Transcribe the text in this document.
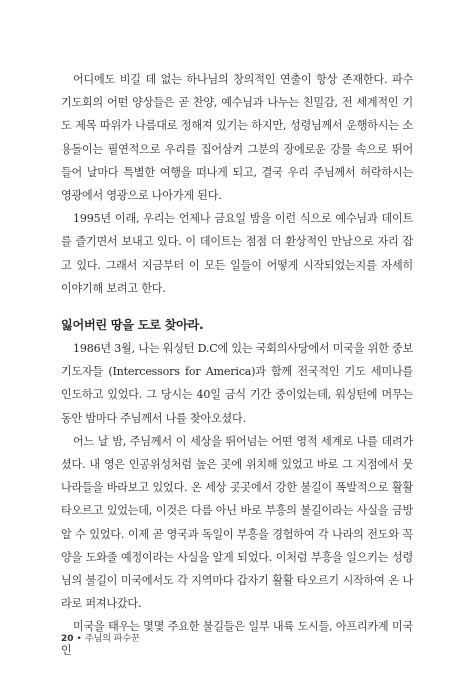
어디에도 비길 데 없는 하나님의 창의적인 연출이 항상 존재한다. 파수 기도회의 어떤 양상들은 곧 찬양, 예수님과 나누는 친밀감, 전 세계적인 기도 제목 따위가 나름대로 정해져 있기는 하지만, 성령님께서 운행하시는 소용돌이는 필연적으로 우리를 집어삼켜 그분의 장에로운 강물 속으로 뛰어들어 날마다 특별한 여행을 떠나게 되고, 결국 우리 주님께서 허락하시는 영광에서 영광으로 나아가게 된다.

1995년 이래, 우리는 언제나 금요일 밤을 이런 식으로 예수님과 데이트를 즐기면서 보내고 있다. 이 데이트는 점점 더 환상적인 만남으로 자리 잡고 있다. 그래서 지금부터 이 모든 일들이 어떻게 시작되었는지를 자세히 이야기해 보려고 한다.

잃어버린 땅을 도로 찾아라.

1986년 3월, 나는 워싱턴 D.C에 있는 국회의사당에서 미국을 위한 중보 기도자들 (Intercessors for America)과 함께 전국적인 기도 세미나를 인도하고 있었다. 그 당시는 40일 금식 기간 중이었는데, 워싱턴에 머무는 동안 밤마다 주님께서 나를 찾아오셨다.

어느 날 밤, 주님께서 이 세상을 뛰어넘는 어떤 영적 세계로 나를 데려가셨다. 내 영은 인공위성처럼 높은 곳에 위치해 있었고 바로 그 지점에서 뭇 나라들을 바라보고 있었다. 온 세상 곳곳에서 강한 불길이 폭발적으로 활활 타오르고 있었는데, 이것은 다름 아닌 바로 부흥의 불길이라는 사실을 금방 알 수 있었다. 이제 곧 영국과 독일이 부흥을 경험하여 각 나라의 전도와 꼭양을 도와줄 예정이라는 사실을 알게 되었다. 이처럼 부흥을 일으키는 성령님의 불길이 미국에서도 각 지역마다 갑자기 활활 타오르기 시작하여 온 나라로 퍼져나갔다.

미국을 태우는 몇몇 주요한 불길들은 일부 내륙 도시들, 아프리카계 미국인

20 • 주님의 파수꾼
